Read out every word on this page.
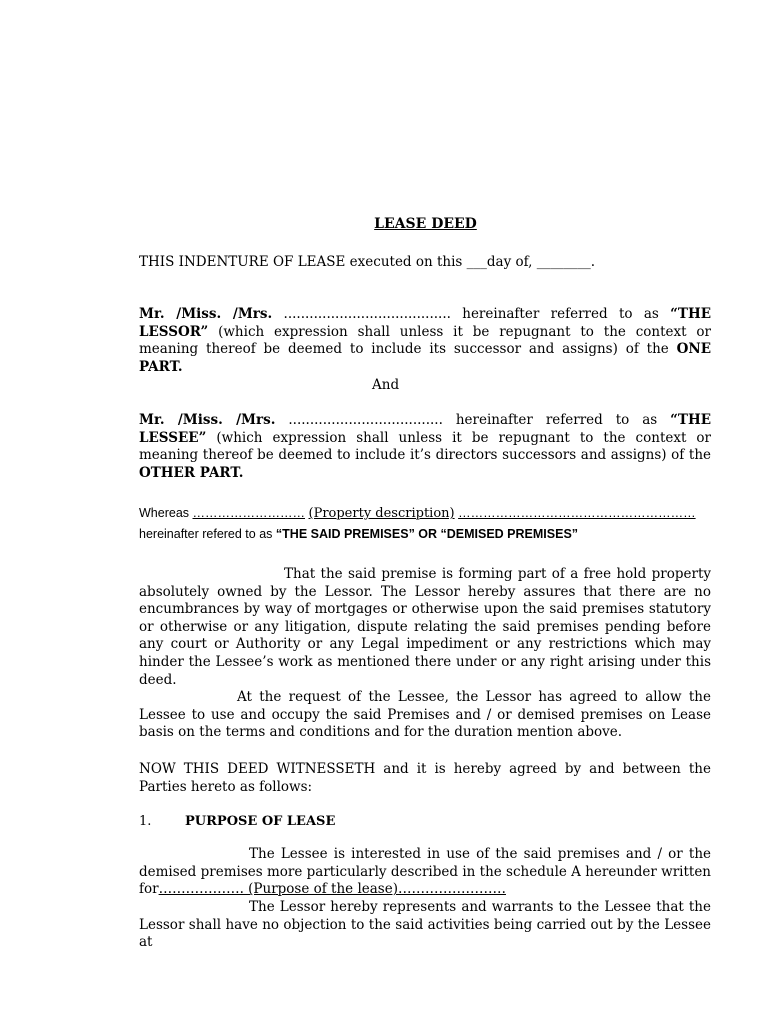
LEASE DEED
THIS INDENTURE OF LEASE executed on this ___day of, ________.
Mr. /Miss. /Mrs. ....................................... hereinafter referred to as “THE LESSOR” (which expression shall unless it be repugnant to the context or meaning thereof be deemed to include its successor and assigns) of the ONE PART.
And
Mr. /Miss. /Mrs. .................................... hereinafter referred to as “THE LESSEE” (which expression shall unless it be repugnant to the context or meaning thereof be deemed to include it’s directors successors and assigns) of the OTHER PART.
Whereas ……………………… (Property description) …………………………………………………
hereinafter refered to as “THE SAID PREMISES” OR “DEMISED PREMISES”
That the said premise is forming part of a free hold property absolutely owned by the Lessor. The Lessor hereby assures that there are no encumbrances by way of mortgages or otherwise upon the said premises statutory or otherwise or any litigation, dispute relating the said premises pending before any court or Authority or any Legal impediment or any restrictions which may hinder the Lessee’s work as mentioned there under or any right arising under this deed.
At the request of the Lessee, the Lessor has agreed to allow the Lessee to use and occupy the said Premises and / or demised premises on Lease basis on the terms and conditions and for the duration mention above.
NOW THIS DEED WITNESSETH and it is hereby agreed by and between the Parties hereto as follows:
1.	PURPOSE OF LEASE
The Lessee is interested in use of the said premises and / or the demised premises more particularly described in the schedule A hereunder written for………………. (Purpose of the lease)……………………
The Lessor hereby represents and warrants to the Lessee that the Lessor shall have no objection to the said activities being carried out by the Lessee at
